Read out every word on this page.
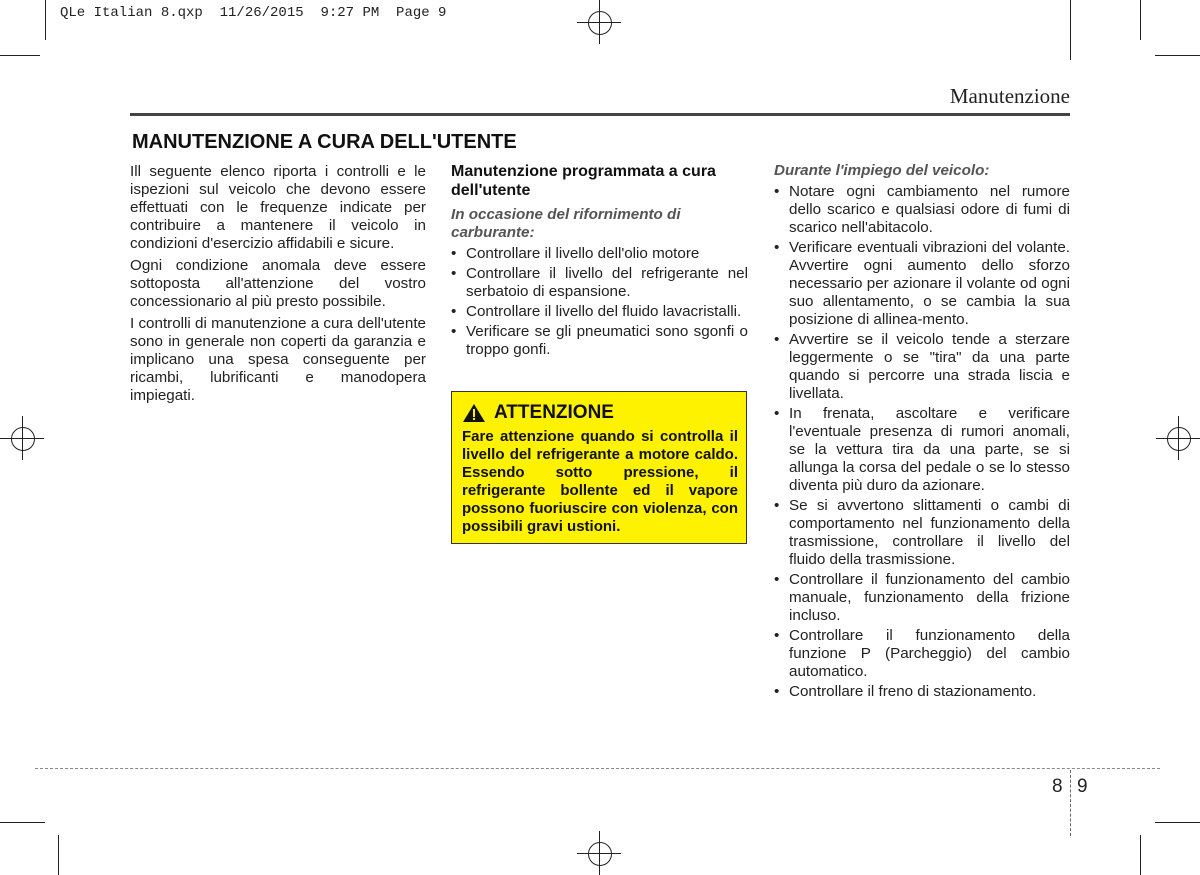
QLe Italian 8.qxp  11/26/2015  9:27 PM  Page 9
Manutenzione
MANUTENZIONE A CURA DELL'UTENTE

Ill seguente elenco riporta i controlli e le ispezioni sul veicolo che devono essere effettuati con le frequenze indicate per contribuire a mantenere il veicolo in condizioni d'esercizio affidabili e sicure.

Ogni condizione anomala deve essere sottoposta all'attenzione del vostro concessionario al più presto possibile.

I controlli di manutenzione a cura dell'utente sono in generale non coperti da garanzia e implicano una spesa conseguente per ricambi, lubrificanti e manodopera impiegati.

Manutenzione programmata a cura dell'utente
In occasione del rifornimento di carburante:
• Controllare il livello dell'olio motore
• Controllare il livello del refrigerante nel serbatoio di espansione.
• Controllare il livello del fluido lavacristalli.
• Verificare se gli pneumatici sono sgonfi o troppo gonfi.
ATTENZIONE
Fare attenzione quando si controlla il livello del refrigerante a motore caldo. Essendo sotto pressione, il refrigerante bollente ed il vapore possono fuoriuscire con violenza, con possibili gravi ustioni.
Durante l'impiego del veicolo:
• Notare ogni cambiamento nel rumore dello scarico e qualsiasi odore di fumi di scarico nell'abitacolo.
• Verificare eventuali vibrazioni del volante. Avvertire ogni aumento dello sforzo necessario per azionare il volante od ogni suo allentamento, o se cambia la sua posizione di allinea-mento.
• Avvertire se il veicolo tende a sterzare leggermente o se "tira" da una parte quando si percorre una strada liscia e livellata.
• In frenata, ascoltare e verificare l'eventuale presenza di rumori anomali, se la vettura tira da una parte, se si allunga la corsa del pedale o se lo stesso diventa più duro da azionare.
• Se si avvertono slittamenti o cambi di comportamento nel funzionamento della trasmissione, controllare il livello del fluido della trasmissione.
• Controllare il funzionamento del cambio manuale, funzionamento della frizione incluso.
• Controllare il funzionamento della funzione P (Parcheggio) del cambio automatico.
• Controllare il freno di stazionamento.
8 9
